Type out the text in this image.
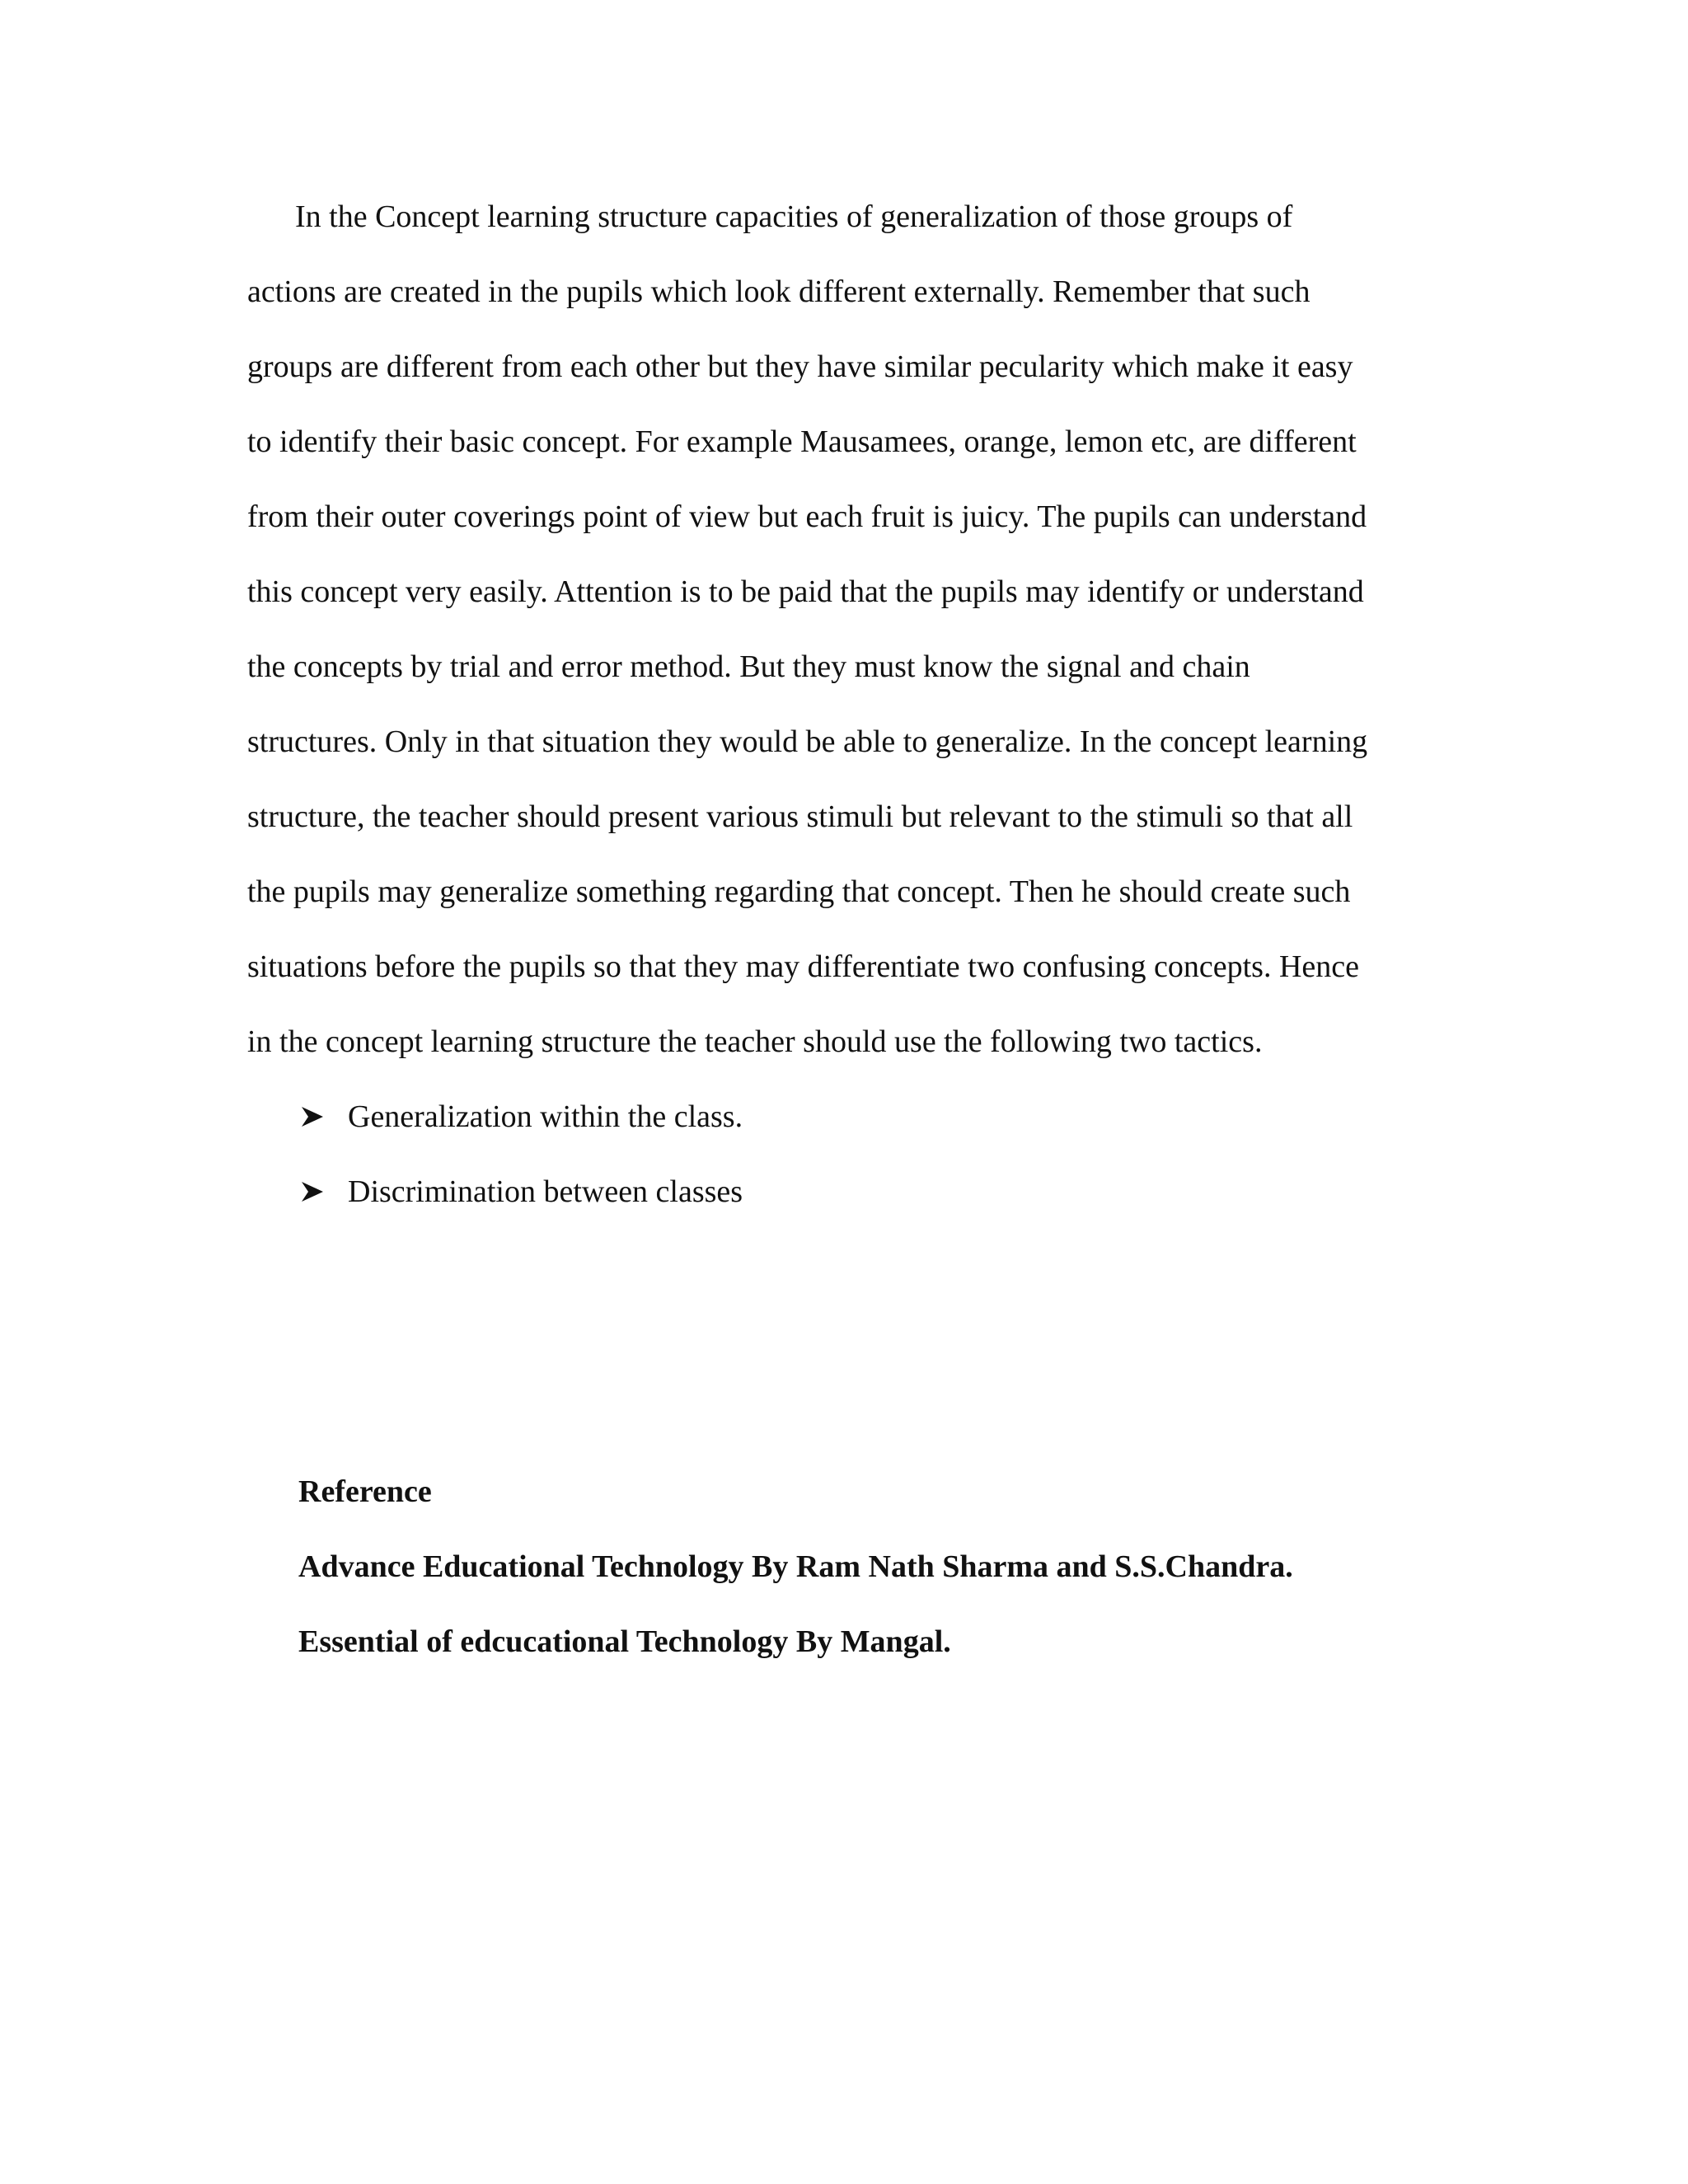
In the Concept learning structure capacities of generalization of those groups of

actions are created in the pupils which look different externally. Remember that such

groups are different from each other but they have similar pecularity which make it easy

to identify their basic concept. For example Mausamees, orange, lemon etc, are different

from their outer coverings point of view but each fruit is juicy. The pupils can understand

this concept very easily. Attention is to be paid that the pupils may identify or understand

the concepts by trial and error method. But they must know the signal and chain

structures. Only in that situation they would be able to generalize. In the concept learning

structure, the teacher should present various stimuli but relevant to the stimuli so that all

the pupils may generalize something regarding that concept. Then he should create such

situations before the pupils so that they may differentiate two confusing concepts. Hence

in the concept learning structure the teacher should use the following two tactics.

Generalization within the class.
Discrimination between classes
Reference
Advance Educational Technology By Ram Nath Sharma and S.S.Chandra.
Essential of edcucational Technology By Mangal.
